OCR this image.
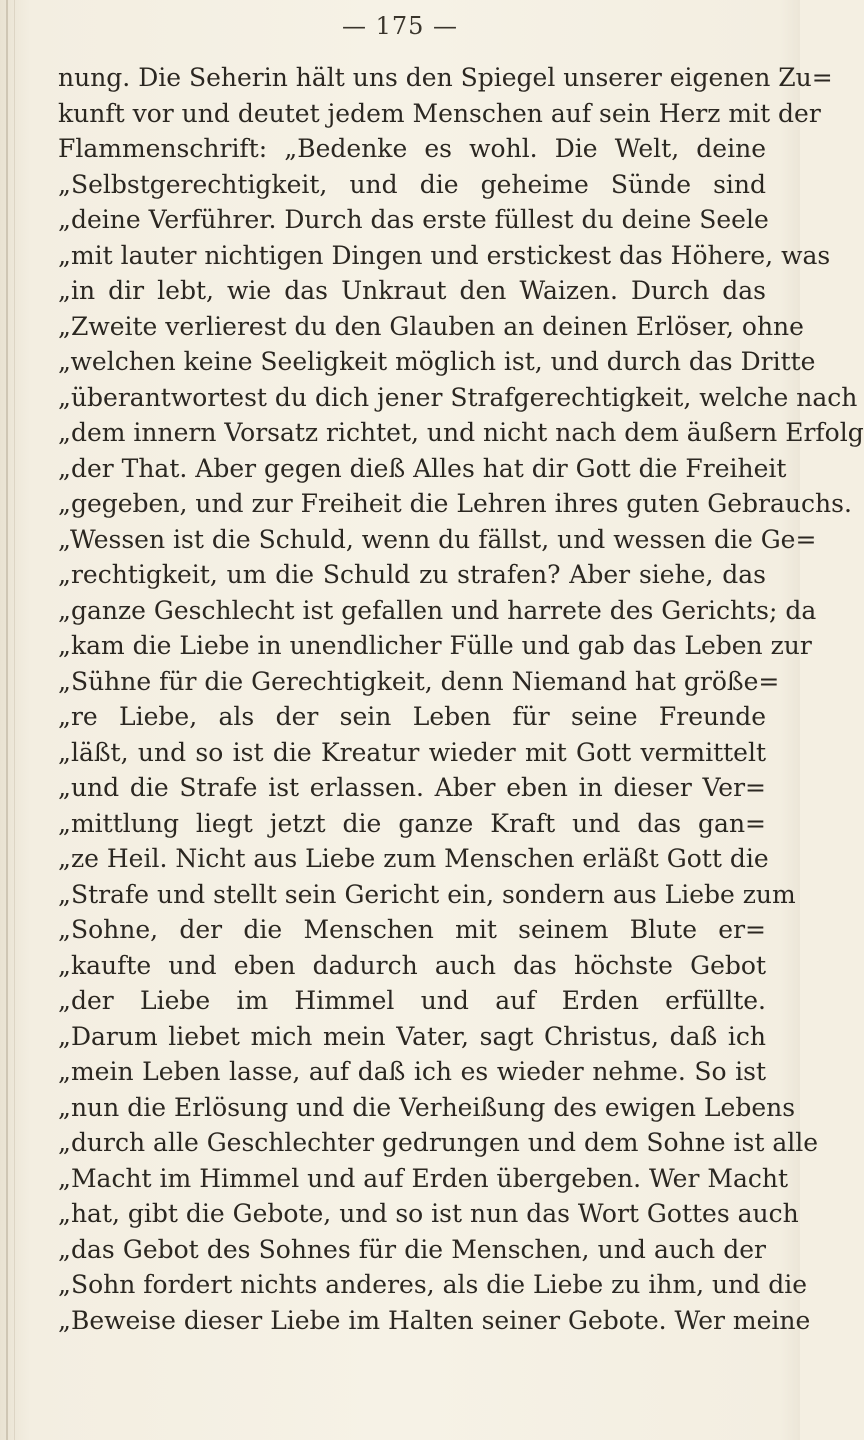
— 175 —
nung. Die Seherin hält uns den Spiegel unserer eigenen Zu=
kunft vor und deutet jedem Menschen auf sein Herz mit der
Flammenschrift: „Bedenke es wohl. Die Welt, deine
„Selbstgerechtigkeit, und die geheime Sünde sind
„deine Verführer. Durch das erste füllest du deine Seele
„mit lauter nichtigen Dingen und erstickest das Höhere, was
„in dir lebt, wie das Unkraut den Waizen. Durch das
„Zweite verlierest du den Glauben an deinen Erlöser, ohne
„welchen keine Seeligkeit möglich ist, und durch das Dritte
„überantwortest du dich jener Strafgerechtigkeit, welche nach
„dem innern Vorsatz richtet, und nicht nach dem äußern Erfolg
„der That. Aber gegen dieß Alles hat dir Gott die Freiheit
„gegeben, und zur Freiheit die Lehren ihres guten Gebrauchs.
„Wessen ist die Schuld, wenn du fällst, und wessen die Ge=
„rechtigkeit, um die Schuld zu strafen? Aber siehe, das
„ganze Geschlecht ist gefallen und harrete des Gerichts; da
„kam die Liebe in unendlicher Fülle und gab das Leben zur
„Sühne für die Gerechtigkeit, denn Niemand hat größe=
„re Liebe, als der sein Leben für seine Freunde
„läßt, und so ist die Kreatur wieder mit Gott vermittelt
„und die Strafe ist erlassen. Aber eben in dieser Ver=
„mittlung liegt jetzt die ganze Kraft und das gan=
„ze Heil. Nicht aus Liebe zum Menschen erläßt Gott die
„Strafe und stellt sein Gericht ein, sondern aus Liebe zum
„Sohne, der die Menschen mit seinem Blute er=
„kaufte und eben dadurch auch das höchste Gebot
„der Liebe im Himmel und auf Erden erfüllte.
„Darum liebet mich mein Vater, sagt Christus, daß ich
„mein Leben lasse, auf daß ich es wieder nehme. So ist
„nun die Erlösung und die Verheißung des ewigen Lebens
„durch alle Geschlechter gedrungen und dem Sohne ist alle
„Macht im Himmel und auf Erden übergeben. Wer Macht
„hat, gibt die Gebote, und so ist nun das Wort Gottes auch
„das Gebot des Sohnes für die Menschen, und auch der
„Sohn fordert nichts anderes, als die Liebe zu ihm, und die
„Beweise dieser Liebe im Halten seiner Gebote. Wer meine
